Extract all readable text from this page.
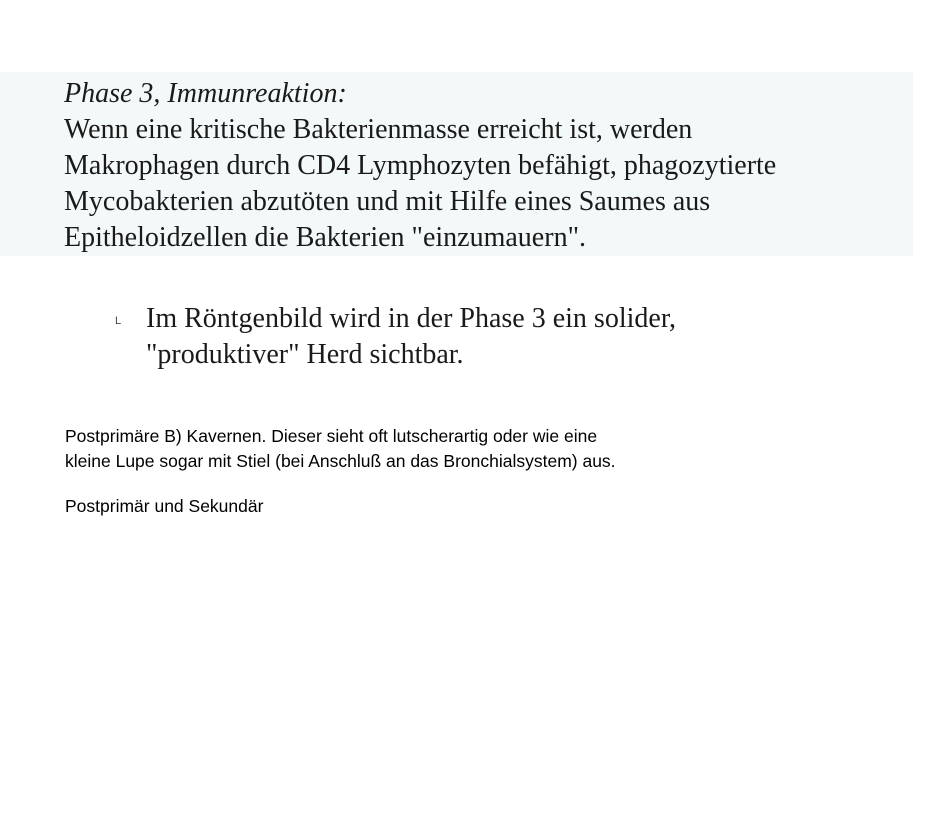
Phase 3, Immunreaktion:
Wenn eine kritische Bakterienmasse erreicht ist, werden
Makrophagen durch CD4 Lymphozyten befähigt, phagozytierte
Mycobakterien abzutöten und mit Hilfe eines Saumes aus
Epitheloidzellen die Bakterien "einzumauern".
L Im Röntgenbild wird in der Phase 3 ein solider,
"produktiver" Herd sichtbar.
Postprimäre B) Kavernen. Dieser sieht oft lutscherartig oder wie eine
kleine Lupe sogar mit Stiel (bei Anschluß an das Bronchialsystem) aus.
Postprimär und Sekundär
